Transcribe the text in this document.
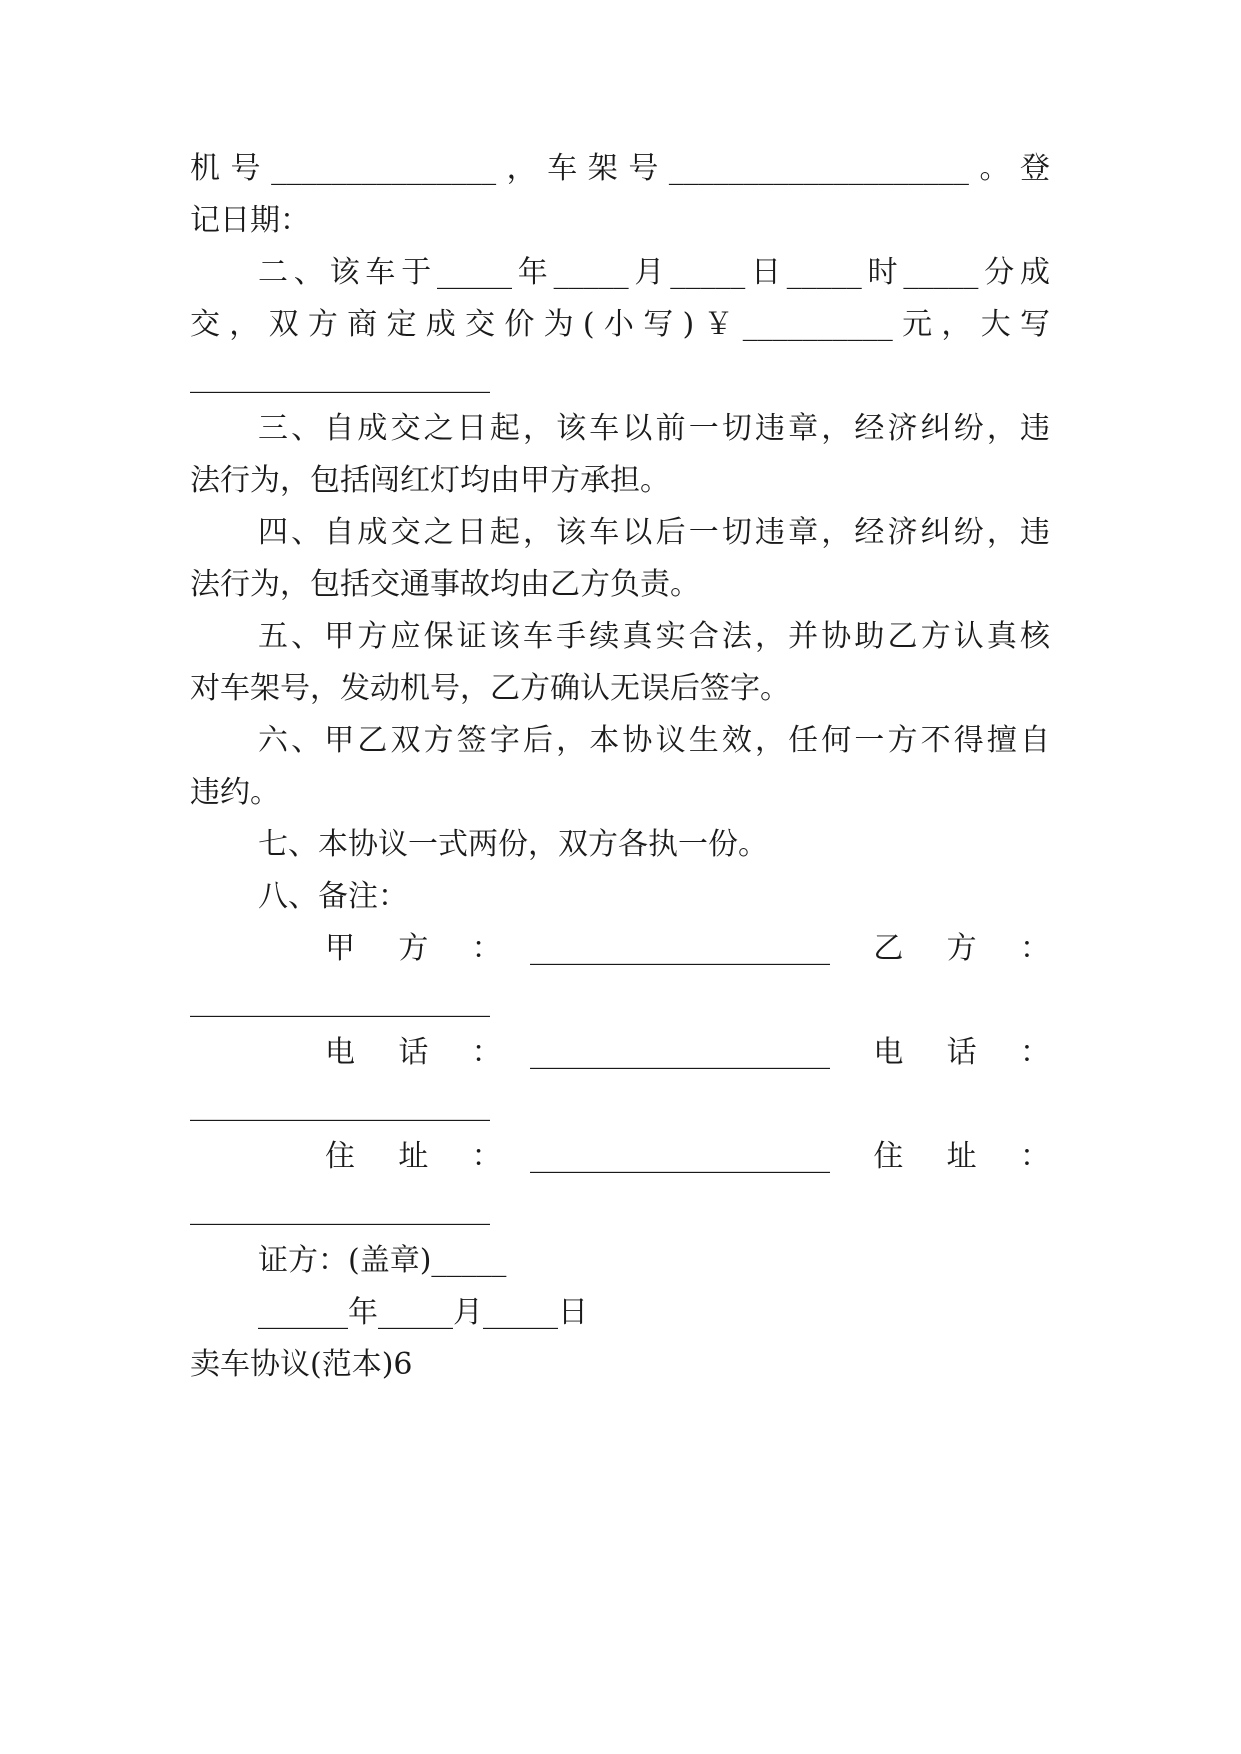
机号_______________，车架号____________________。登
记日期：
二、该车于_____年_____月_____日_____时_____分成
交，双方商定成交价为(小写)￥__________元，大写
____________________
三、自成交之日起，该车以前一切违章，经济纠纷，违
法行为，包括闯红灯均由甲方承担。
四、自成交之日起，该车以后一切违章，经济纠纷，违
法行为，包括交通事故均由乙方负责。
五、甲方应保证该车手续真实合法，并协助乙方认真核
对车架号，发动机号，乙方确认无误后签字。
六、甲乙双方签字后，本协议生效，任何一方不得擅自
违约。
七、本协议一式两份，双方各执一份。
八、备注：
甲　方　：　____________________　乙　方　：
____________________
电　话　：　____________________　电　话　：
____________________
住　址　：　____________________　住　址　：
____________________
证方：(盖章)_____
______年_____月_____日
卖车协议(范本)6
